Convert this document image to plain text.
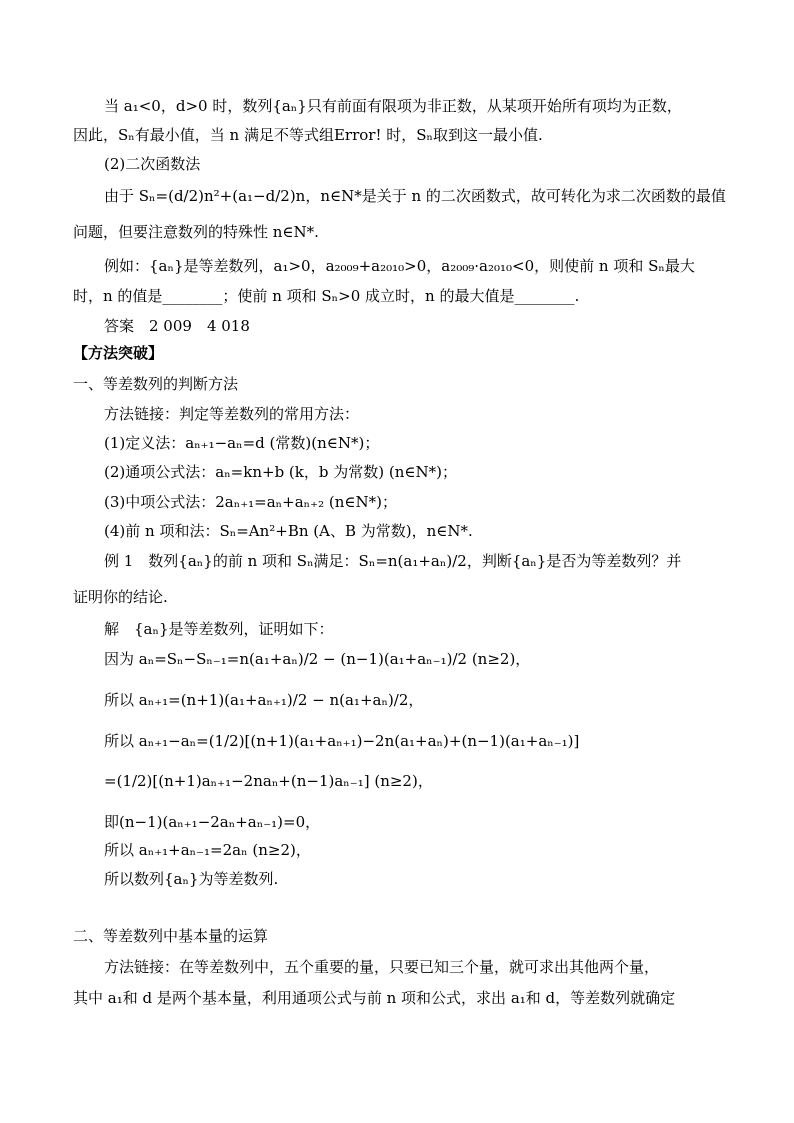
当 a₁<0，d>0 时，数列{aₙ}只有前面有限项为非正数，从某项开始所有项均为正数，
因此，Sₙ有最小值，当 n 满足不等式组Error! 时，Sₙ取到这一最小值.
(2)二次函数法
由于 Sₙ=(d/2)n²+(a₁−d/2)n，n∈N*是关于 n 的二次函数式，故可转化为求二次函数的最值
问题，但要注意数列的特殊性 n∈N*.
例如：{aₙ}是等差数列，a₁>0，a₂₀₀₉+a₂₀₁₀>0，a₂₀₀₉·a₂₀₁₀<0，则使前 n 项和 Sₙ最大
时，n 的值是________；使前 n 项和 Sₙ>0 成立时，n 的最大值是________.
答案　2 009　4 018
【方法突破】
一、等差数列的判断方法
方法链接：判定等差数列的常用方法：
(1)定义法：aₙ₊₁−aₙ=d (常数)(n∈N*)；
(2)通项公式法：aₙ=kn+b (k，b 为常数) (n∈N*)；
(3)中项公式法：2aₙ₊₁=aₙ+aₙ₊₂ (n∈N*)；
(4)前 n 项和法：Sₙ=An²+Bn (A、B 为常数)，n∈N*.
例 1　数列{aₙ}的前 n 项和 Sₙ满足：Sₙ=n(a₁+aₙ)/2，判断{aₙ}是否为等差数列？并
证明你的结论.
解　{aₙ}是等差数列，证明如下：
因为 aₙ=Sₙ−Sₙ₋₁=n(a₁+aₙ)/2 − (n−1)(a₁+aₙ₋₁)/2 (n≥2)，
所以 aₙ₊₁=(n+1)(a₁+aₙ₊₁)/2 − n(a₁+aₙ)/2，
所以 aₙ₊₁−aₙ=(1/2)[(n+1)(a₁+aₙ₊₁)−2n(a₁+aₙ)+(n−1)(a₁+aₙ₋₁)]
=(1/2)[(n+1)aₙ₊₁−2naₙ+(n−1)aₙ₋₁] (n≥2)，
即(n−1)(aₙ₊₁−2aₙ+aₙ₋₁)=0，
所以 aₙ₊₁+aₙ₋₁=2aₙ (n≥2)，
所以数列{aₙ}为等差数列.
二、等差数列中基本量的运算
方法链接：在等差数列中，五个重要的量，只要已知三个量，就可求出其他两个量，
其中 a₁和 d 是两个基本量，利用通项公式与前 n 项和公式，求出 a₁和 d，等差数列就确定
